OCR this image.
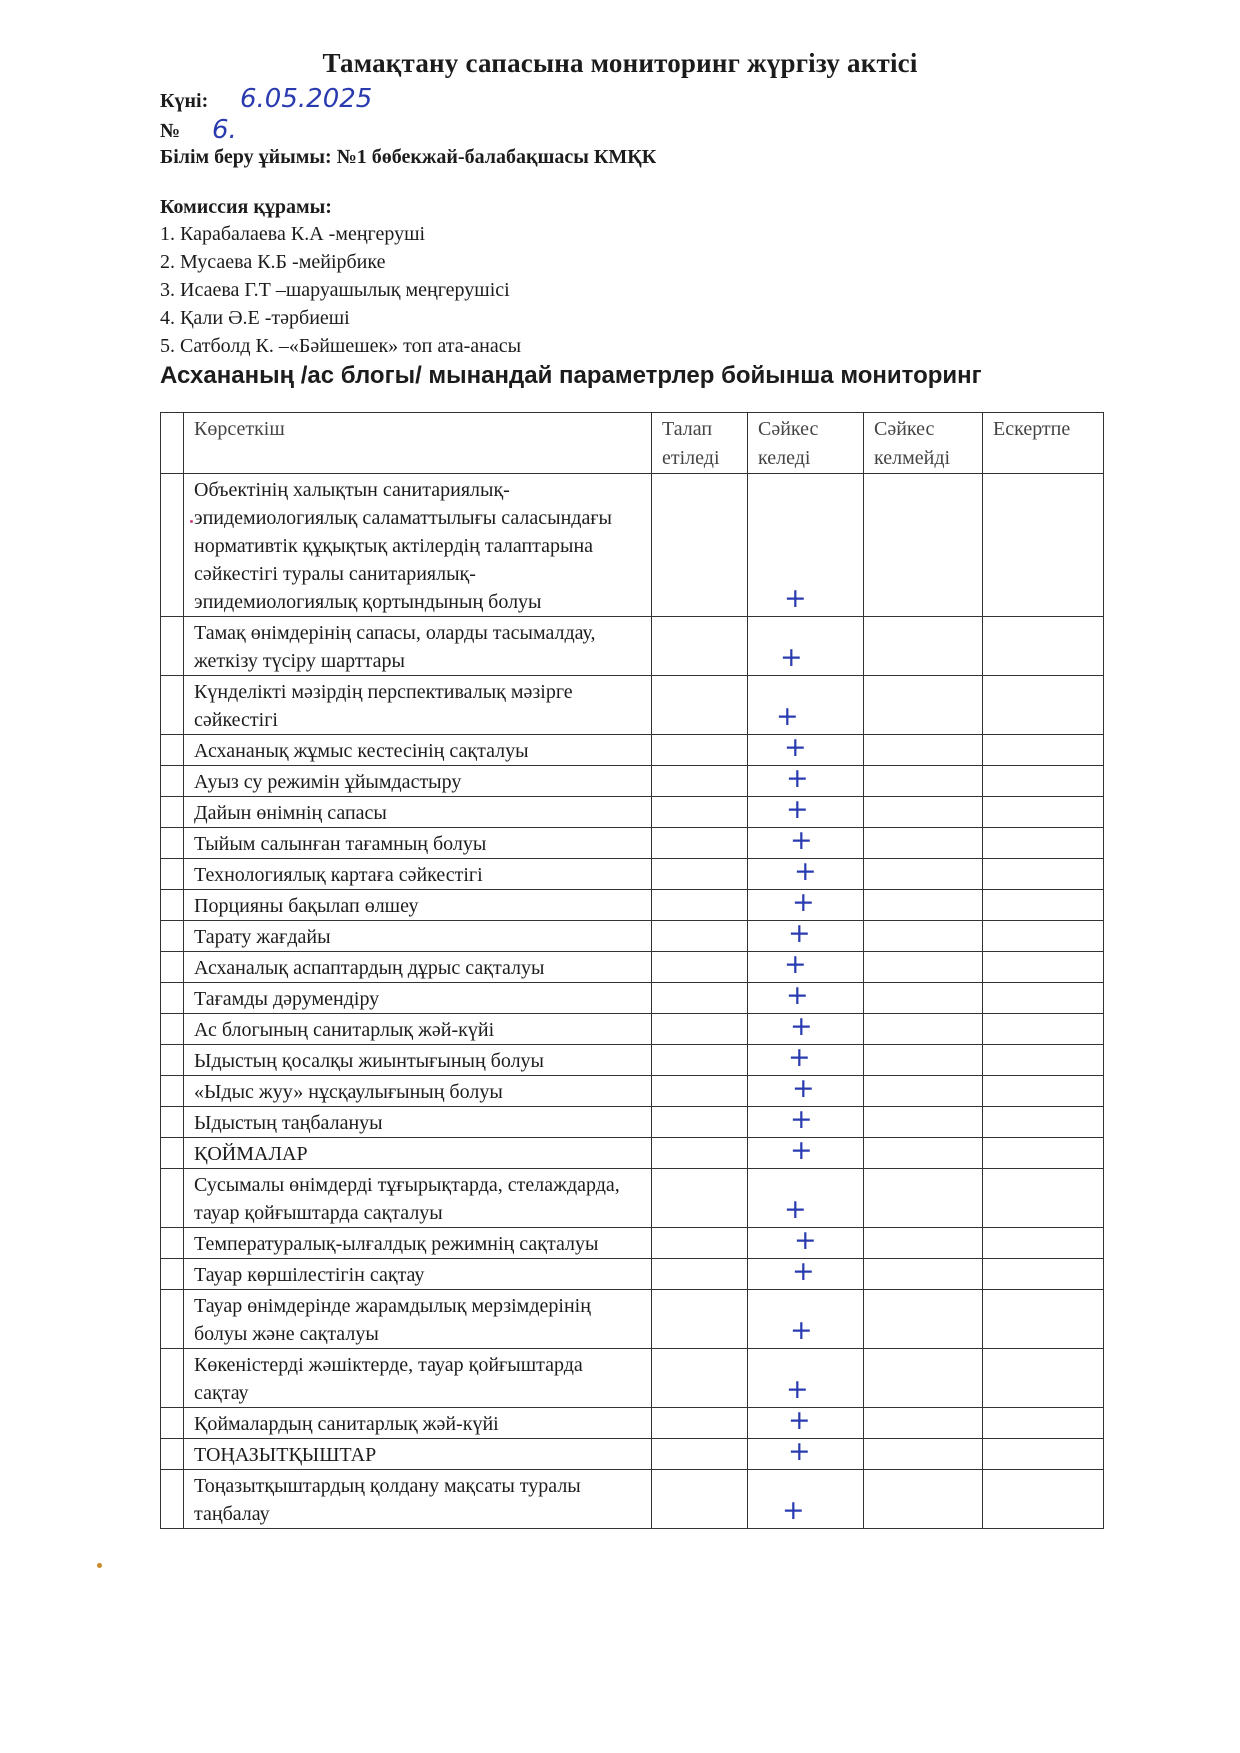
Тамақтану сапасына мониторинг жүргізу актісі
Күні: 6.05.2025
№ 6.
Білім беру ұйымы: №1 бөбекжай-балабақшасы КМҚК
Комиссия құрамы:
1. Карабалаева К.А -меңгеруші
2. Мусаева К.Б -мейірбике
3. Исаева Г.Т –шаруашылық меңгерушісі
4. Қали Ә.Е -тәрбиеші
5. Сатболд К. –«Бәйшешек» топ ата-анасы
Асхананың /ас блогы/ мынандай параметрлер бойынша мониторинг
	Көрсеткіш	Талап етіледі	Сәйкес келеді	Сәйкес келмейді	Ескертпе
	Объектінің халықтын санитариялық-эпидемиологиялық саламаттылығы саласындағы нормативтік құқықтық актілердің талаптарына сәйкестігі туралы санитариялық- эпидемиологиялық қортындының болуы		+		

	Тамақ өнімдерінің сапасы, оларды тасымалдау, жеткізу түсіру шарттары		+		

	Күнделікті мәзірдің перспективалық мәзірге сәйкестігі		+		

	Асхананық жұмыс кестесінің сақталуы		+		

	Ауыз су режимін ұйымдастыру		+		

	Дайын өнімнің сапасы		+		

	Тыйым салынған тағамның болуы		+		

	Технологиялық картаға сәйкестігі		+		

	Порцияны бақылап өлшеу		+		

	Тарату жағдайы		+		

	Асханалық аспаптардың дұрыс сақталуы		+		

	Тағамды дәрумендіру		+		

	Ас блогының санитарлық жәй-күйі		+		

	Ыдыстың қосалқы жиынтығының болуы		+		

	«Ыдыс жуу» нұсқаулығының болуы		+		

	Ыдыстың таңбалануы		+		

	ҚОЙМАЛАР		+		

	Сусымалы өнімдерді тұғырықтарда, стелаждарда, тауар қойғыштарда сақталуы		+		

	Температуралық-ылғалдық режимнің сақталуы		+		

	Тауар көршілестігін сақтау		+		

	Тауар өнімдерінде жарамдылық мерзімдерінің болуы және сақталуы		+		

	Көкеністерді жәшіктерде, тауар қойғыштарда сақтау		+		

	Қоймалардың санитарлық жәй-күйі		+		

	ТОҢАЗЫТҚЫШТАР		+		

	Тоңазытқыштардың қолдану мақсаты туралы таңбалау		+		
